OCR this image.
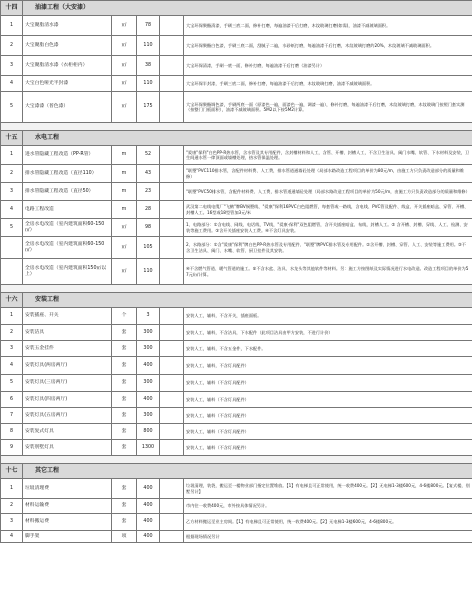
十四	油漆工程（大安漆）				
1	大宝聚脂清水漆	㎡	78		大宝环保聚酯清漆，手刷三底二面，修补打磨，每遍油漆干后打磨，木纹玻璃打磨(如需)，油漆不减玻璃面积。
2	大宝聚脂白色漆	㎡	110		大宝环保聚酯白色漆，手刷三底二面，刮腻子二遍，水砂纸打磨，每遍油漆干后打磨，木纹玻璃打磨约20%，木纹玻璃不减玻璃面积。
3	大宝聚脂清水漆（衣柜柜内）	㎡	38		大宝环保清漆，手刷一底一面，修补打磨，每遍油漆干后打磨（油漆另计）
4	大宝白色哑光半封漆	㎡	110		大宝环保半封漆，手刷三底二面，修补打磨，每遍油漆干后打磨，木纹玻璃打磨，油漆不减玻璃面积。
5	大宝漆漆（普色漆）	㎡	175		大宝环保聚酯调色漆，手刷两底一面（原漆色一遍，面漆色一遍，调漆一遍），修补打磨，每遍油漆干后打磨，木纹玻璃打磨，木纹玻璃门按照门套实测（按整门门板面积），油漆不减玻璃面积。5M2以下按5M2计算。

十五	水电工程				
1	进水管隐藏工程改造（PP-R管）	m	52		"爱康"保利"白色PP-R热水管，含水管及其专用配件，含封槽材料和人工，含管、开槽、封槽人工，不含卫生洁具、阀门水嘴、软管、下水材料及安装，卫生间通水管一律顶面或墙槽处理，热水管保温处理。
2	排水管隐藏工程改造（直径110）	m	43		"联塑"PVC110排水管，含配件材料费、人工费，排水管道通墙砼处理（局部水路改造工程项目的单价为80元/m，由施工方只负责改造部分的质量和维修）
3	排水管隐藏工程改造（直径50）	m	23		"联塑"PVC50排水管，含配件材料费、人工费，排水管道通墙砼处理（局部水路改造工程项目的单价为50元/m，由施工方只负责改造部分的质量和维修）
4	电路工程改造	m	28		武汉第二电线电缆厂"飞鹤"牌BV铜塑线、"爱康"保利16PVC白色阻燃管，每套管或一路线，含电线、PVC管及配件、线盒、开关插座暗盒、穿管、开槽、封槽人工。16型或18型管加3元/米
5	全房水电改造（室内建筑面积60-150㎡）	㎡	98		1、电路部分：①含电线、网线、电话线、TV线，"爱康·保利"双色阻燃管，含开关插座暗盒、布线，封槽人工。② 含开槽、封槽、穿线、人工、检测、安装等施工费用。③含开关插座安装人工费。④不含灯具安装。
	全房水电改造（室内建筑面积60-150㎡）	㎡	105		2、水路部分：①含"爱康"保利"牌白色PP-R热水管及专用配件、"联塑"牌PVC排水管及专用配件。②含开槽、封槽、穿管、人工、安装等施工费用。③不含卫生洁具、阀门、水嘴、软管、厨卫挂件及其安装。
	全房水电改造（室内建筑面积150㎡以上）	㎡	110		④不含燃气管道、暖气管道的施工。⑤不含水盆、洁具、水龙头等其他软件等材料。另：施工方按图纸及实际情况进行水电改造。改造工程项目的单价为57元/㎡计算。

十六	安装工程				
1	安装插座、开关	个	3		安装人工，辅料，不含开关，插座面板。
2	安装洁具	套	300		安装人工，辅料，不含洁具，下水配件（此项目洁具由甲方安装，不进行计价）
3	安装五金挂件	套	300		安装人工，辅料，不含五金件，下水配件。
4	安装灯具(两房两厅)	套	400		安装人工，辅料，不含灯具配件）
5	安装灯具(三房两厅)	套	300		安装人工，辅料（不含灯具配件）
6	安装灯具(四房两厅)	套	400		安装人工，辅料（不含灯具配件）
7	安装灯具(五房两厅)	套	300		安装人工，辅料（不含灯具配件）
8	安装复式灯具	套	800		安装人工，辅料（不含灯具配件）
9	安装别墅灯具	套	1300		安装人工，辅料（不含灯具配件）

十七	其它工程				
1	垃圾清理费	套	400		垃圾清理，装袋，搬运至一楼物业部门指定位置堆放。【1】有电梯且可正常使用，统一收费400元。【2】无电梯1-3楼600元，4-6楼800元。【复式楼，别墅另计】
2	材料运输费	套	400		市内往一收费400元，市外按具体情况另计。
3	材料搬运费	套	400		乙方材料搬运至业主房间。【1】有电梯且可正常使用，统一收费400元。【2】无电梯1-3楼600元，4-6楼800元。
4	脚手架	项	400		根据现场情况另计
